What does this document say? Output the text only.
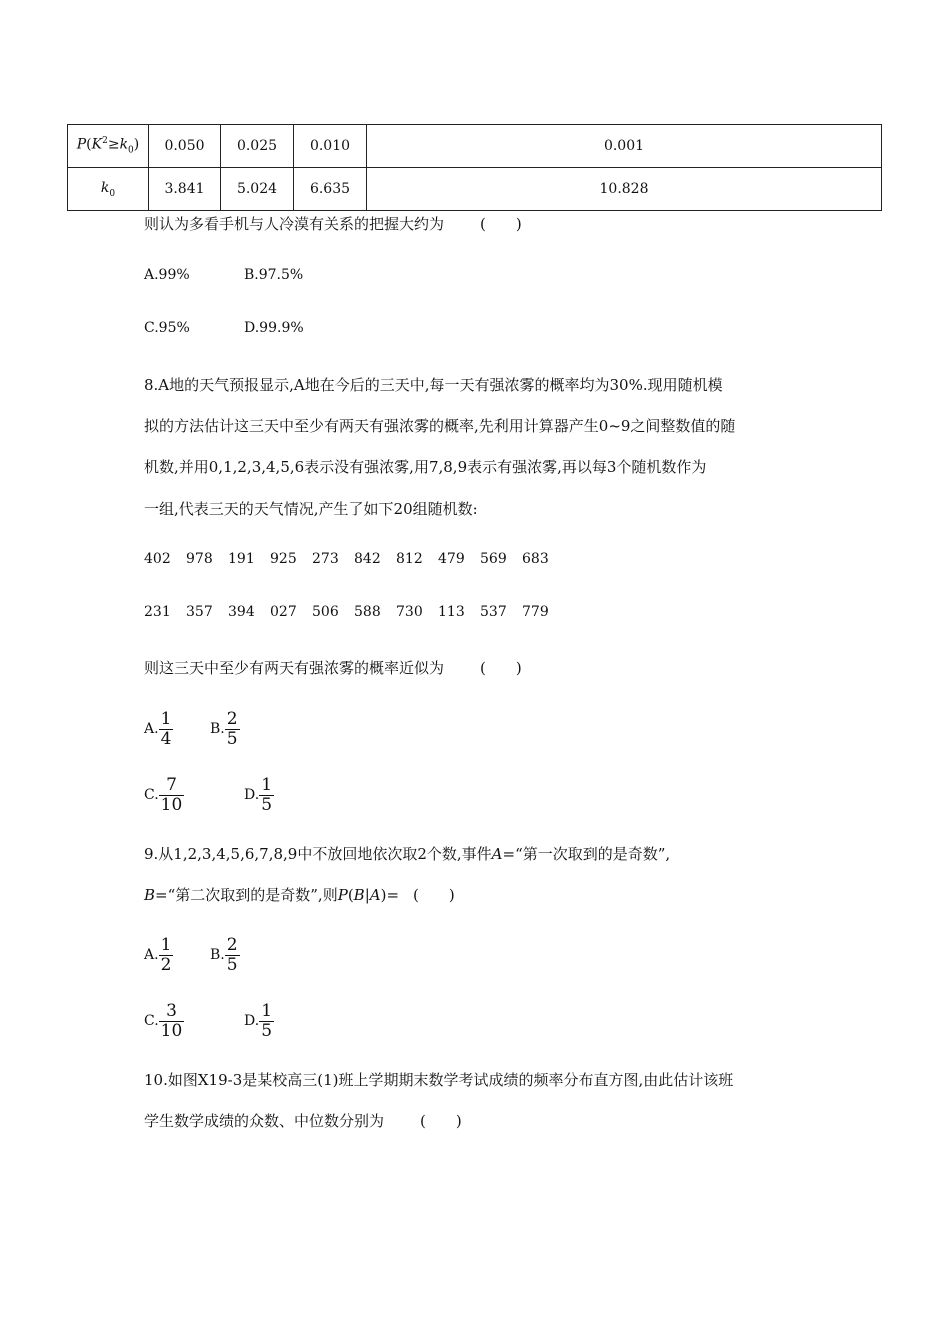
$P(K^2\ge k_0)$	0.050	0.025	0.010	0.001
$k_0$	3.841	5.024	6.635	10.828
则认为多看手机与人冷漠有关系的把握大约为 (　　)
A.99%	B.97.5%
C.95%	D.99.9%
8.A地的天气预报显示,A地在今后的三天中,每一天有强浓雾的概率均为30%.现用随机模
拟的方法估计这三天中至少有两天有强浓雾的概率,先利用计算器产生0~9之间整数值的随
机数,并用0,1,2,3,4,5,6表示没有强浓雾,用7,8,9表示有强浓雾,再以每3个随机数作为
一组,代表三天的天气情况,产生了如下20组随机数:
402 978 191 925 273 842 812 479 569 683
231 357 394 027 506 588 730 113 537 779
则这三天中至少有两天有强浓雾的概率近似为 (　　)
A. $\frac{1}{4}$	B. $\frac{2}{5}$
C. $\frac{7}{10}$	D. $\frac{1}{5}$
9.从1,2,3,4,5,6,7,8,9中不放回地依次取2个数,事件A=“第一次取到的是奇数”,
B=“第二次取到的是奇数”,则P(B|A)= (　　)
A. $\frac{1}{2}$	B. $\frac{2}{5}$
C. $\frac{3}{10}$	D. $\frac{1}{5}$
10.如图X19-3是某校高三(1)班上学期期末数学考试成绩的频率分布直方图,由此估计该班
学生数学成绩的众数、中位数分别为 (　　)
